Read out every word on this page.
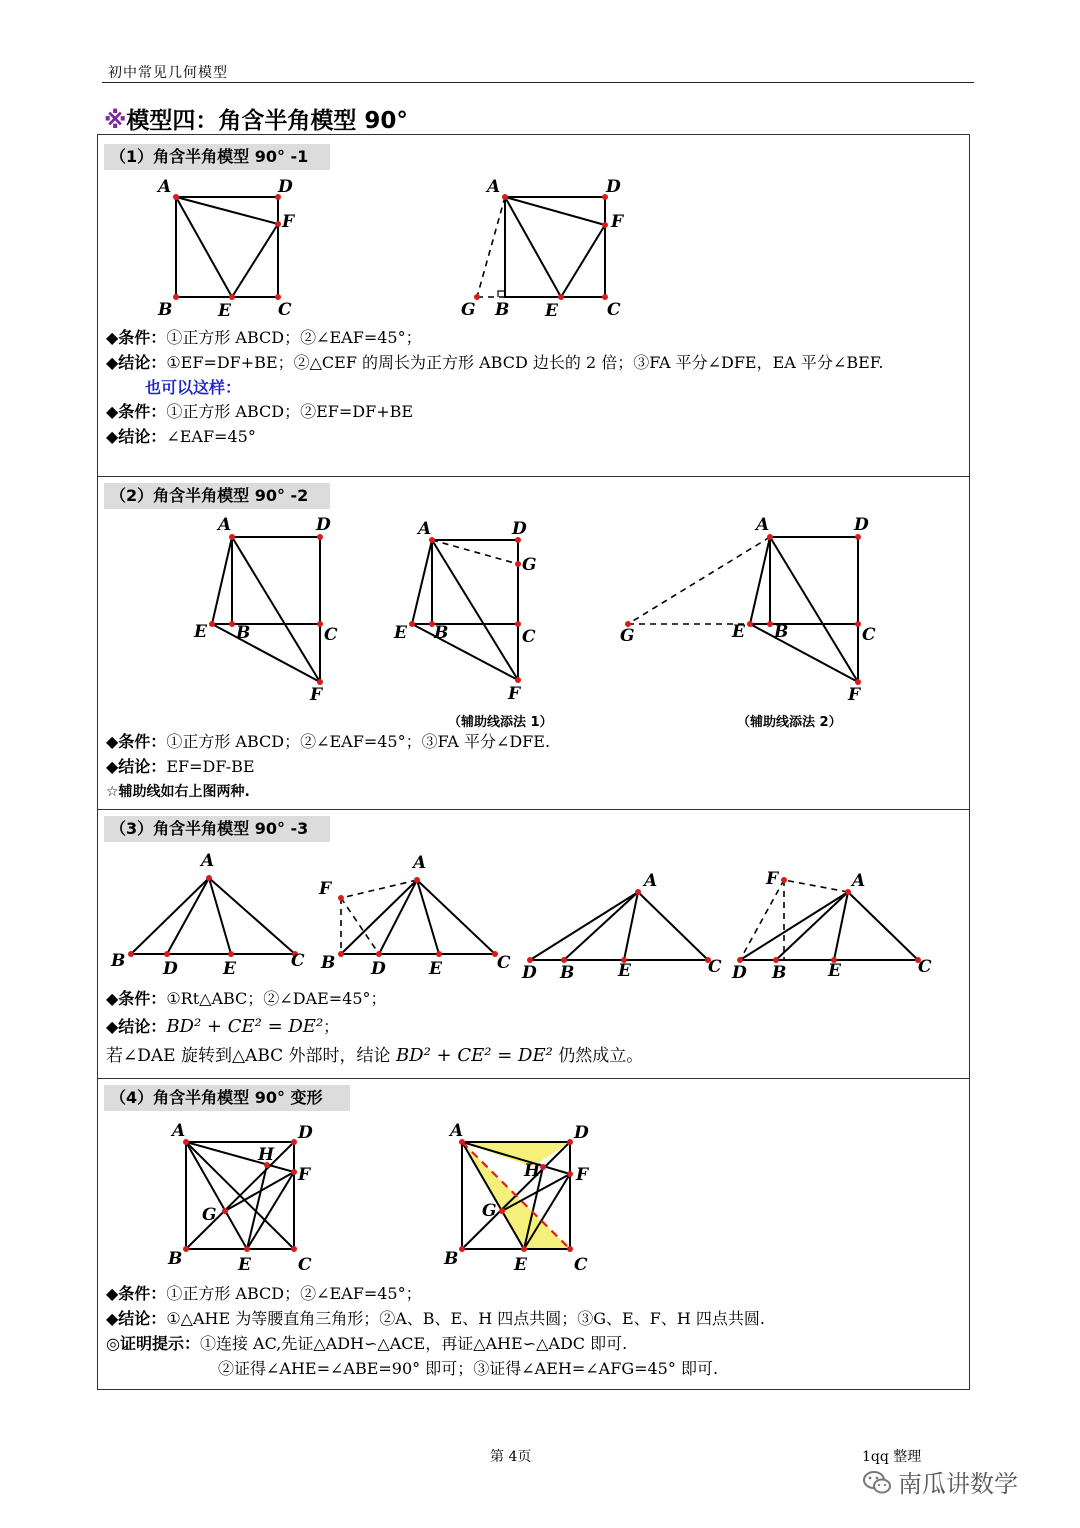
初中常见几何模型
※模型四：角含半角模型 90°
（1）角含半角模型 90° -1
A	D
F
B	E	C
A	D
F
G B E	C
◆条件：①正方形 ABCD；②∠EAF=45°；
◆结论：①EF=DF+BE；②△CEF 的周长为正方形 ABCD 边长的 2 倍；③FA 平分∠DFE，EA 平分∠BEF.
也可以这样：
◆条件：①正方形 ABCD；②EF=DF+BE
◆结论：∠EAF=45°
（2）角含半角模型 90° -2
A	D
E B	C
F
A	D
G
E B	C
F
（辅助线添法 1）
A	D
G	E B	C
F
（辅助线添法 2）
◆条件：①正方形 ABCD；②∠EAF=45°；③FA 平分∠DFE.
◆结论：EF=DF-BE
☆辅助线如右上图两种.
（3）角含半角模型 90° -3
A
B D	E	C
A
F
B D	E	C
A
D B	E	C
A
F
D B E	C
◆条件：①Rt△ABC；②∠DAE=45°；
◆结论：BD² + CE² = DE²；
若∠DAE 旋转到△ABC 外部时，结论 BD² + CE² = DE² 仍然成立。
（4）角含半角模型 90° 变形
A	D
F
H
G
B	E	C
A	D
F
H
G
B	E	C
◆条件：①正方形 ABCD；②∠EAF=45°；
◆结论：①△AHE 为等腰直角三角形；②A、B、E、H 四点共圆；③G、E、F、H 四点共圆.
◎证明提示：①连接 AC,先证△ADH∽△ACE，再证△AHE∽△ADC 即可.
②证得∠AHE=∠ABE=90° 即可；③证得∠AEH=∠AFG=45° 即可.
第 4页	1qq 整理
南瓜讲数学
